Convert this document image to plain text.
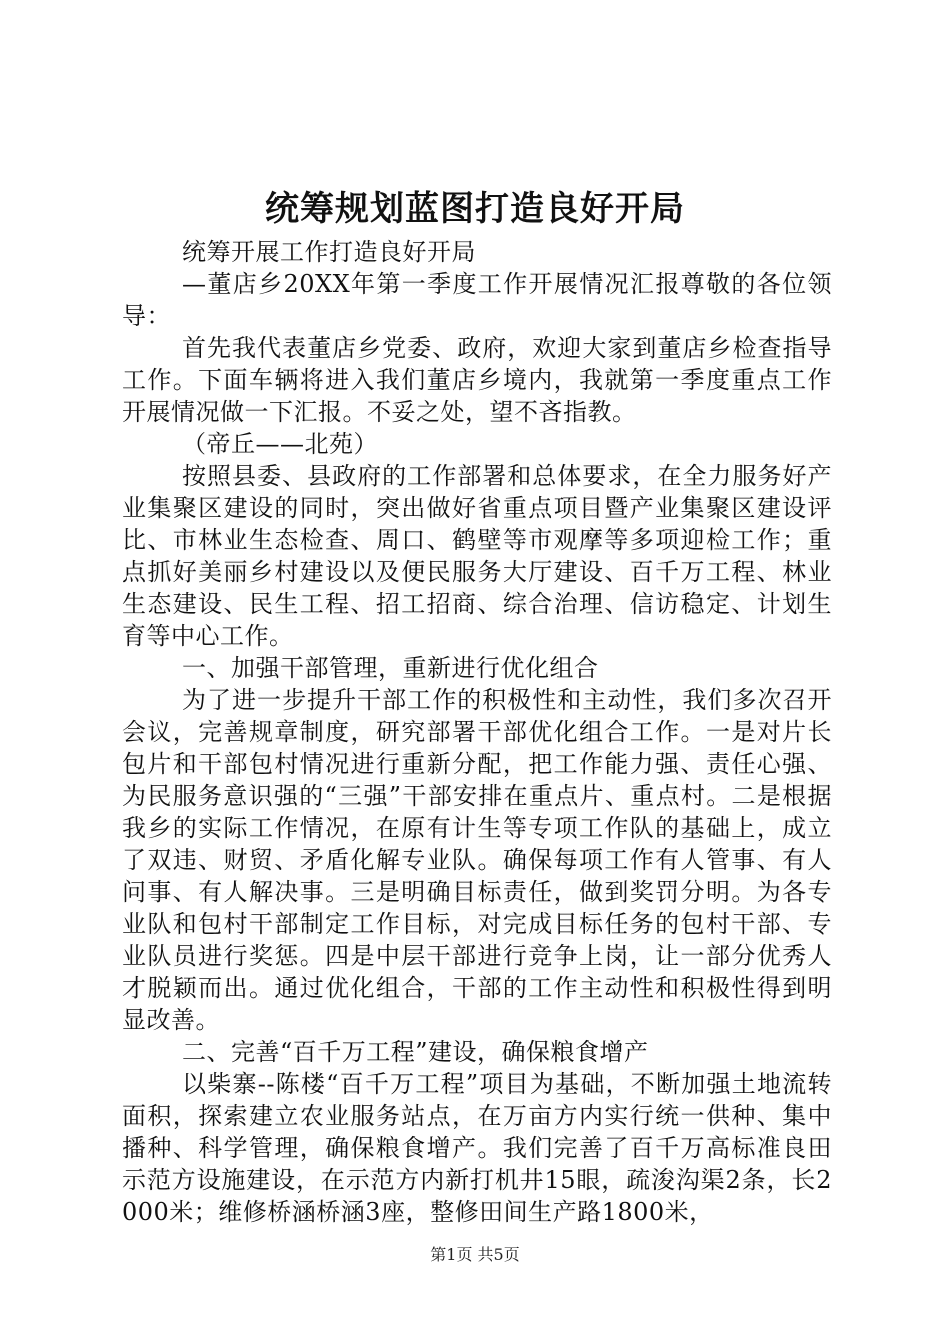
统筹规划蓝图打造良好开局

统筹开展工作打造良好开局

—董店乡20XX年第一季度工作开展情况汇报尊敬的各位领导：

首先我代表董店乡党委、政府，欢迎大家到董店乡检查指导工作。下面车辆将进入我们董店乡境内，我就第一季度重点工作开展情况做一下汇报。不妥之处，望不吝指教。

（帝丘——北苑）

按照县委、县政府的工作部署和总体要求，在全力服务好产业集聚区建设的同时，突出做好省重点项目暨产业集聚区建设评比、市林业生态检查、周口、鹤壁等市观摩等多项迎检工作；重点抓好美丽乡村建设以及便民服务大厅建设、百千万工程、林业生态建设、民生工程、招工招商、综合治理、信访稳定、计划生育等中心工作。

一、加强干部管理，重新进行优化组合

为了进一步提升干部工作的积极性和主动性，我们多次召开会议，完善规章制度，研究部署干部优化组合工作。一是对片长包片和干部包村情况进行重新分配，把工作能力强、责任心强、为民服务意识强的“三强”干部安排在重点片、重点村。二是根据我乡的实际工作情况，在原有计生等专项工作队的基础上，成立了双违、财贸、矛盾化解专业队。确保每项工作有人管事、有人问事、有人解决事。三是明确目标责任，做到奖罚分明。为各专业队和包村干部制定工作目标，对完成目标任务的包村干部、专业队员进行奖惩。四是中层干部进行竞争上岗，让一部分优秀人才脱颖而出。通过优化组合，干部的工作主动性和积极性得到明显改善。

二、完善“百千万工程”建设，确保粮食增产

以柴寨--陈楼“百千万工程”项目为基础，不断加强土地流转面积，探索建立农业服务站点，在万亩方内实行统一供种、集中播种、科学管理，确保粮食增产。我们完善了百千万高标准良田示范方设施建设，在示范方内新打机井15眼，疏浚沟渠2条，长2000米；维修桥涵桥涵3座，整修田间生产路1800米，

第1页 共5页
